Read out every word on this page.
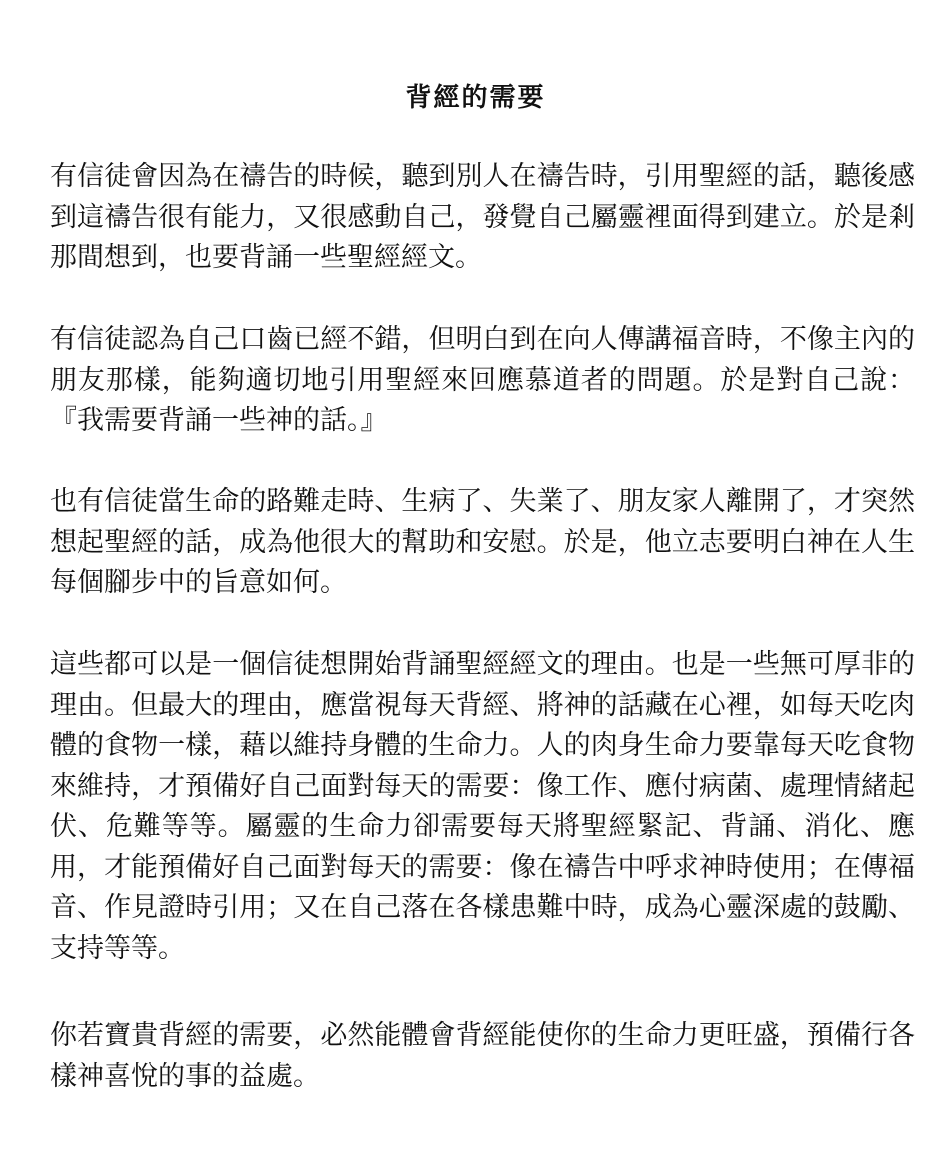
背經的需要

有信徒會因為在禱告的時候，聽到別人在禱告時，引用聖經的話，聽後感到這禱告很有能力，又很感動自己，發覺自己屬靈裡面得到建立。於是剎那間想到，也要背誦一些聖經經文。

有信徒認為自己口齒已經不錯，但明白到在向人傳講福音時，不像主內的朋友那樣，能夠適切地引用聖經來回應慕道者的問題。於是對自己說：『我需要背誦一些神的話。』

也有信徒當生命的路難走時、生病了、失業了、朋友家人離開了，才突然想起聖經的話，成為他很大的幫助和安慰。於是，他立志要明白神在人生每個腳步中的旨意如何。

這些都可以是一個信徒想開始背誦聖經經文的理由。也是一些無可厚非的理由。但最大的理由，應當視每天背經、將神的話藏在心裡，如每天吃肉體的食物一樣，藉以維持身體的生命力。人的肉身生命力要靠每天吃食物來維持，才預備好自己面對每天的需要：像工作、應付病菌、處理情緒起伏、危難等等。屬靈的生命力卻需要每天將聖經緊記、背誦、消化、應用，才能預備好自己面對每天的需要：像在禱告中呼求神時使用；在傳福音、作見證時引用；又在自己落在各樣患難中時，成為心靈深處的鼓勵、支持等等。

你若寶貴背經的需要，必然能體會背經能使你的生命力更旺盛，預備行各樣神喜悅的事的益處。
